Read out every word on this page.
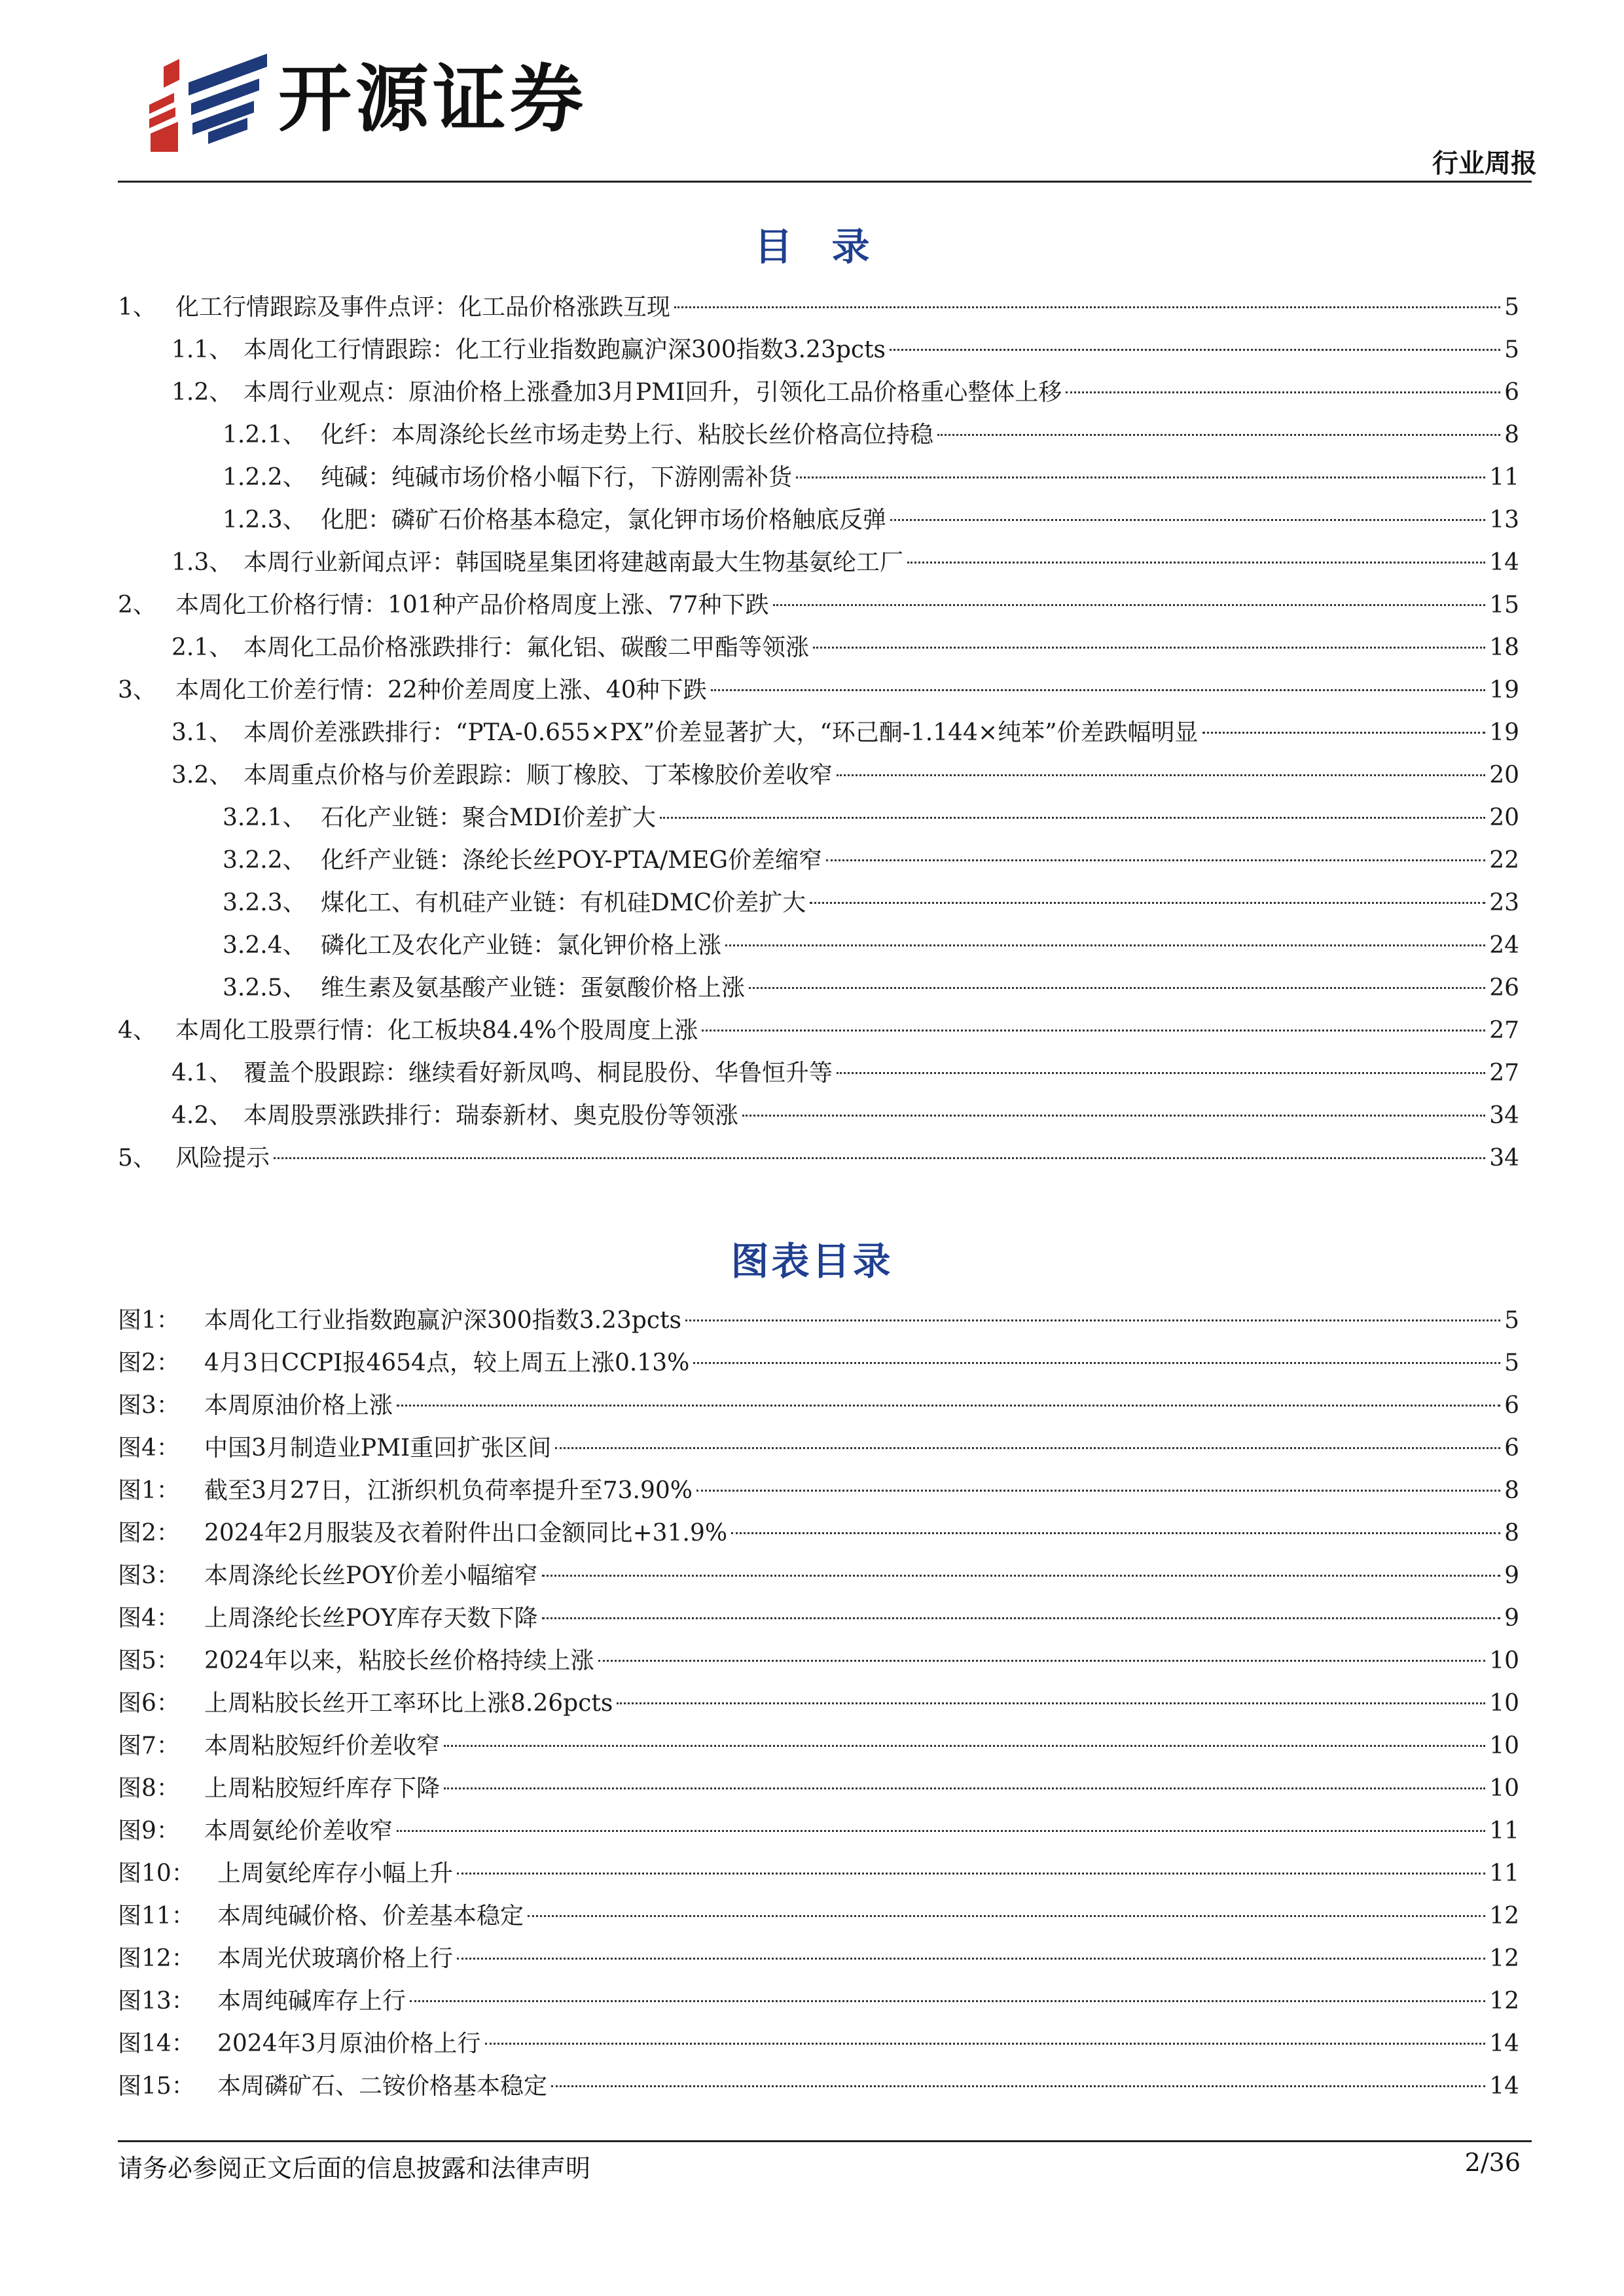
开源证券
行业周报
目录
1、 化工行情跟踪及事件点评：化工品价格涨跌互现	5
1.1、 本周化工行情跟踪：化工行业指数跑赢沪深300指数3.23pcts	5
1.2、 本周行业观点：原油价格上涨叠加3月PMI回升，引领化工品价格重心整体上移	6
1.2.1、 化纤：本周涤纶长丝市场走势上行、粘胶长丝价格高位持稳	8
1.2.2、 纯碱：纯碱市场价格小幅下行，下游刚需补货	11
1.2.3、 化肥：磷矿石价格基本稳定，氯化钾市场价格触底反弹	13
1.3、 本周行业新闻点评：韩国晓星集团将建越南最大生物基氨纶工厂	14
2、 本周化工价格行情：101种产品价格周度上涨、77种下跌	15
2.1、 本周化工品价格涨跌排行：氟化铝、碳酸二甲酯等领涨	18
3、 本周化工价差行情：22种价差周度上涨、40种下跌	19
3.1、 本周价差涨跌排行：“PTA-0.655×PX”价差显著扩大，“环己酮-1.144×纯苯”价差跌幅明显	19
3.2、 本周重点价格与价差跟踪：顺丁橡胶、丁苯橡胶价差收窄	20
3.2.1、 石化产业链：聚合MDI价差扩大	20
3.2.2、 化纤产业链：涤纶长丝POY-PTA/MEG价差缩窄	22
3.2.3、 煤化工、有机硅产业链：有机硅DMC价差扩大	23
3.2.4、 磷化工及农化产业链：氯化钾价格上涨	24
3.2.5、 维生素及氨基酸产业链：蛋氨酸价格上涨	26
4、 本周化工股票行情：化工板块84.4%个股周度上涨	27
4.1、 覆盖个股跟踪：继续看好新凤鸣、桐昆股份、华鲁恒升等	27
4.2、 本周股票涨跌排行：瑞泰新材、奥克股份等领涨	34
5、 风险提示	34
图表目录
图1：	本周化工行业指数跑赢沪深300指数3.23pcts	5
图2：	4月3日CCPI报4654点，较上周五上涨0.13%	5
图3：	本周原油价格上涨	6
图4：	中国3月制造业PMI重回扩张区间	6
图1：	截至3月27日，江浙织机负荷率提升至73.90%	8
图2：	2024年2月服装及衣着附件出口金额同比+31.9%	8
图3：	本周涤纶长丝POY价差小幅缩窄	9
图4：	上周涤纶长丝POY库存天数下降	9
图5：	2024年以来，粘胶长丝价格持续上涨	10
图6：	上周粘胶长丝开工率环比上涨8.26pcts	10
图7：	本周粘胶短纤价差收窄	10
图8：	上周粘胶短纤库存下降	10
图9：	本周氨纶价差收窄	11
图10： 上周氨纶库存小幅上升	11
图11： 本周纯碱价格、价差基本稳定	12
图12： 本周光伏玻璃价格上行	12
图13： 本周纯碱库存上行	12
图14： 2024年3月原油价格上行	14
图15： 本周磷矿石、二铵价格基本稳定	14
请务必参阅正文后面的信息披露和法律声明	2/36
